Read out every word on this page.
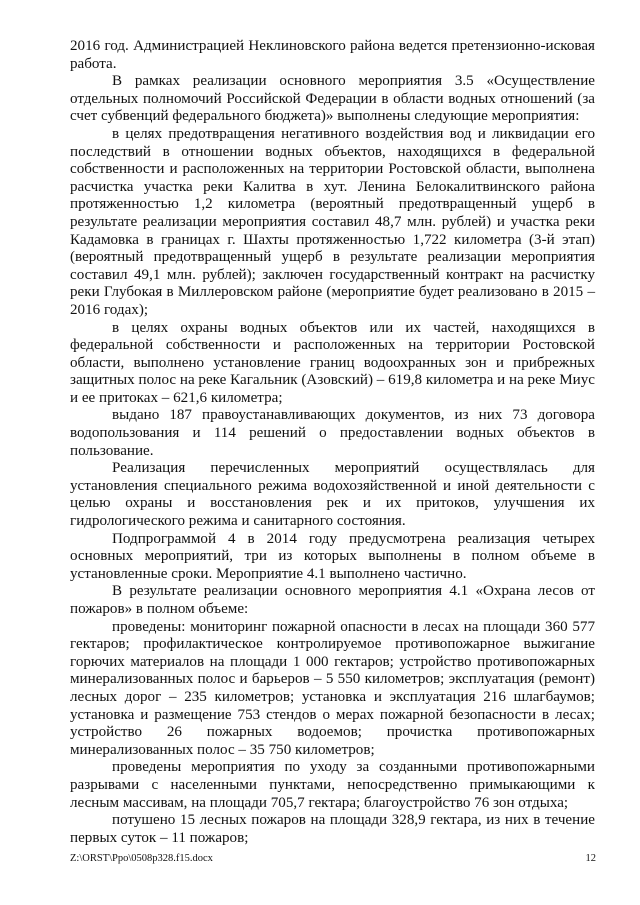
2016 год. Администрацией Неклиновского района ведется претензионно-исковая работа.

В рамках реализации основного мероприятия 3.5 «Осуществление отдельных полномочий Российской Федерации в области водных отношений (за счет субвенций федерального бюджета)» выполнены следующие мероприятия:

в целях предотвращения негативного воздействия вод и ликвидации его последствий в отношении водных объектов, находящихся в федеральной собственности и расположенных на территории Ростовской области, выполнена расчистка участка реки Калитва в хут. Ленина Белокалитвинского района протяженностью 1,2 километра (вероятный предотвращенный ущерб в результате реализации мероприятия составил 48,7 млн. рублей) и участка реки Кадамовка в границах г. Шахты протяженностью 1,722 километра (3-й этап) (вероятный предотвращенный ущерб в результате реализации мероприятия составил 49,1 млн. рублей); заключен государственный контракт на расчистку реки Глубокая в Миллеровском районе (мероприятие будет реализовано в 2015 – 2016 годах);

в целях охраны водных объектов или их частей, находящихся в федеральной собственности и расположенных на территории Ростовской области, выполнено установление границ водоохранных зон и прибрежных защитных полос на реке Кагальник (Азовский) – 619,8 километра и на реке Миус и ее притоках – 621,6 километра;

выдано 187 правоустанавливающих документов, из них 73 договора водопользования и 114 решений о предоставлении водных объектов в пользование.

Реализация перечисленных мероприятий осуществлялась для установления специального режима водохозяйственной и иной деятельности с целью охраны и восстановления рек и их притоков, улучшения их гидрологического режима и санитарного состояния.

Подпрограммой 4 в 2014 году предусмотрена реализация четырех основных мероприятий, три из которых выполнены в полном объеме в установленные сроки. Мероприятие 4.1 выполнено частично.

В результате реализации основного мероприятия 4.1 «Охрана лесов от пожаров» в полном объеме:

проведены: мониторинг пожарной опасности в лесах на площади 360 577 гектаров; профилактическое контролируемое противопожарное выжигание горючих материалов на площади 1 000 гектаров; устройство противопожарных минерализованных полос и барьеров – 5 550 километров; эксплуатация (ремонт) лесных дорог – 235 километров; установка и эксплуатация 216 шлагбаумов; установка и размещение 753 стендов о мерах пожарной безопасности в лесах; устройство 26 пожарных водоемов; прочистка противопожарных минерализованных полос – 35 750 километров;

проведены мероприятия по уходу за созданными противопожарными разрывами с населенными пунктами, непосредственно примыкающими к лесным массивам, на площади 705,7 гектара; благоустройство 76 зон отдыха;

потушено 15 лесных пожаров на площади 328,9 гектара, из них в течение первых суток – 11 пожаров;

Z:\ORST\Ppo\0508p328.f15.docx	12
